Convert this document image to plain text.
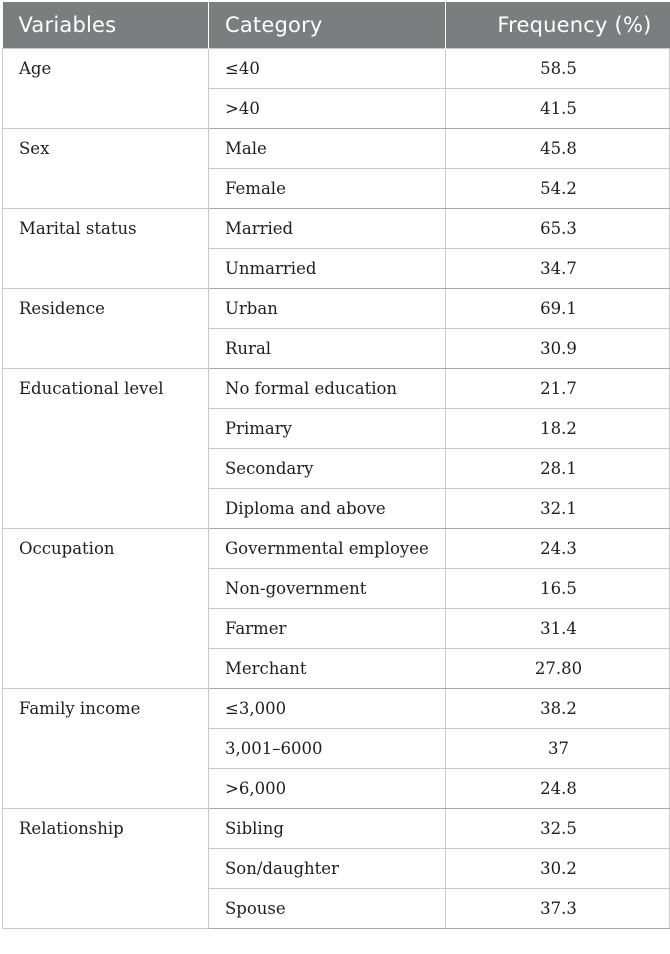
Variables	Category	Frequency (%)
Age	≤40	58.5
	>40	41.5
Sex	Male	45.8
	Female	54.2
Marital status	Married	65.3
	Unmarried	34.7
Residence	Urban	69.1
	Rural	30.9
Educational level	No formal education	21.7
	Primary	18.2
	Secondary	28.1
	Diploma and above	32.1
Occupation	Governmental employee	24.3
	Non-government	16.5
	Farmer	31.4
	Merchant	27.80
Family income	≤3,000	38.2
	3,001–6000	37
	>6,000	24.8
Relationship	Sibling	32.5
	Son/daughter	30.2
	Spouse	37.3
